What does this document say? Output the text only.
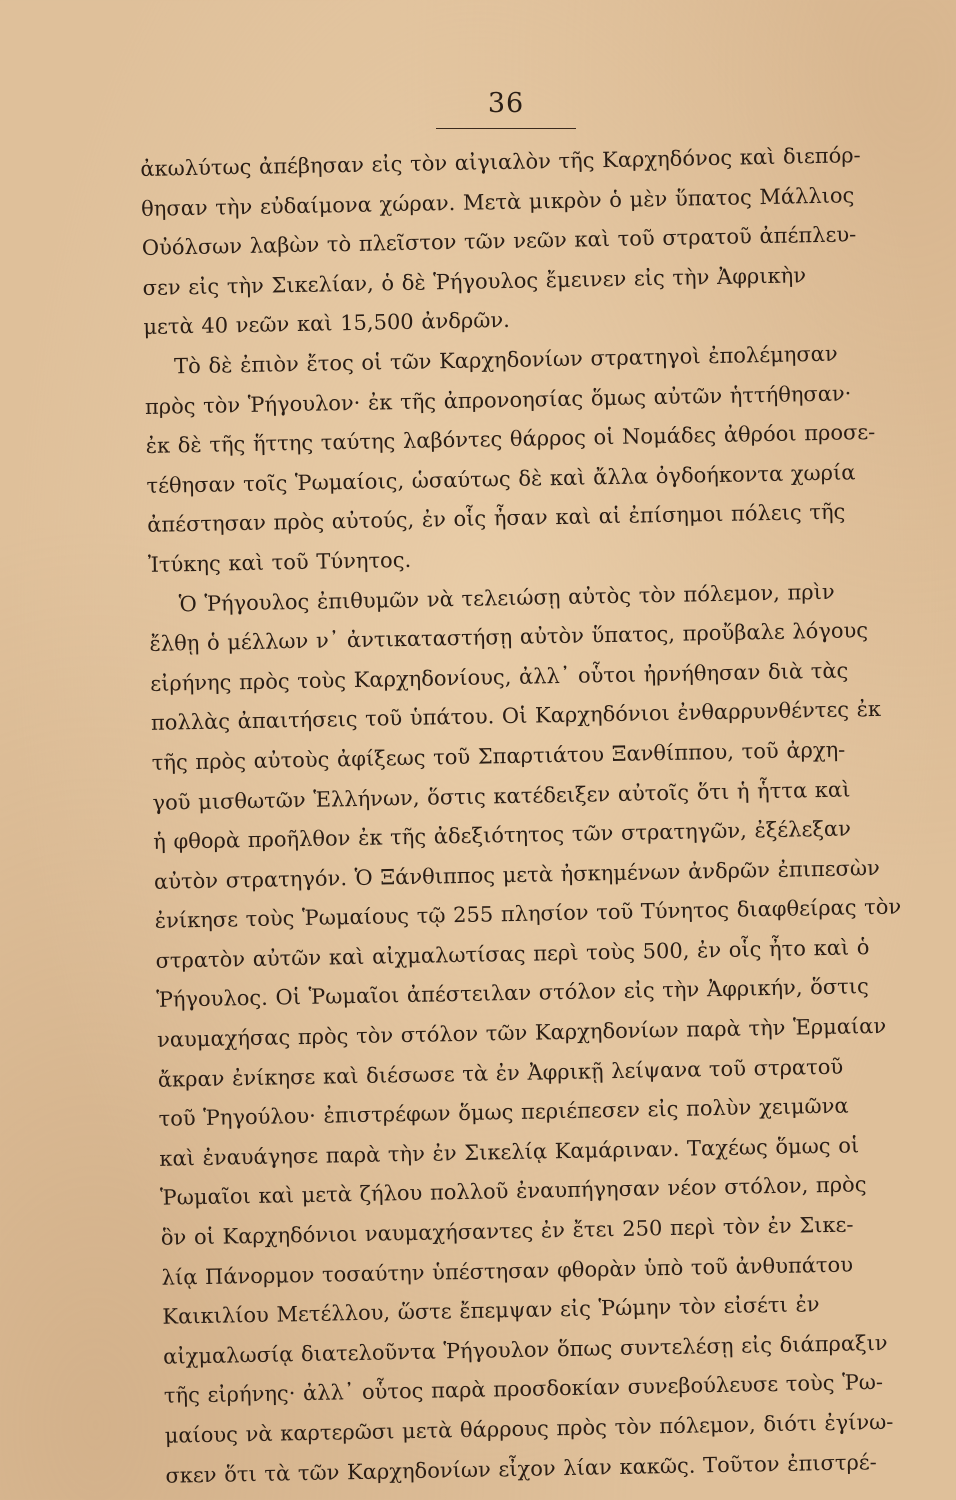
36
ἀκωλύτως ἀπέβησαν εἰς τὸν αἰγιαλὸν τῆς Καρχηδόνος καὶ διεπόρ-
θησαν τὴν εὐδαίμονα χώραν. Μετὰ μικρὸν ὁ μὲν ὕπατος Μάλλιος
Οὐόλσων λαβὼν τὸ πλεῖστον τῶν νεῶν καὶ τοῦ στρατοῦ ἀπέπλευ-
σεν εἰς τὴν Σικελίαν, ὁ δὲ Ῥήγουλος ἔμεινεν εἰς τὴν Ἀφρικὴν
μετὰ 40 νεῶν καὶ 15,500 ἀνδρῶν.
Τὸ δὲ ἐπιὸν ἔτος οἱ τῶν Καρχηδονίων στρατηγοὶ ἐπολέμησαν
πρὸς τὸν Ῥήγουλον· ἐκ τῆς ἀπρονοησίας ὅμως αὐτῶν ἡττήθησαν·
ἐκ δὲ τῆς ἥττης ταύτης λαβόντες θάρρος οἱ Νομάδες ἀθρόοι προσε-
τέθησαν τοῖς Ῥωμαίοις, ὡσαύτως δὲ καὶ ἄλλα ὀγδοήκοντα χωρία
ἀπέστησαν πρὸς αὐτούς, ἐν οἷς ἦσαν καὶ αἱ ἐπίσημοι πόλεις τῆς
Ἰτύκης καὶ τοῦ Τύνητος.
Ὁ Ῥήγουλος ἐπιθυμῶν νὰ τελειώσῃ αὐτὸς τὸν πόλεμον, πρὶν
ἔλθῃ ὁ μέλλων ν᾽ ἀντικαταστήσῃ αὐτὸν ὕπατος, προὔβαλε λόγους
εἰρήνης πρὸς τοὺς Καρχηδονίους, ἀλλ᾽ οὗτοι ἠρνήθησαν διὰ τὰς
πολλὰς ἀπαιτήσεις τοῦ ὑπάτου. Οἱ Καρχηδόνιοι ἐνθαρρυνθέντες ἐκ
τῆς πρὸς αὐτοὺς ἀφίξεως τοῦ Σπαρτιάτου Ξανθίππου, τοῦ ἀρχη-
γοῦ μισθωτῶν Ἑλλήνων, ὅστις κατέδειξεν αὐτοῖς ὅτι ἡ ἧττα καὶ
ἡ φθορὰ προῆλθον ἐκ τῆς ἀδεξιότητος τῶν στρατηγῶν, ἐξέλεξαν
αὐτὸν στρατηγόν. Ὁ Ξάνθιππος μετὰ ἠσκημένων ἀνδρῶν ἐπιπεσὼν
ἐνίκησε τοὺς Ῥωμαίους τῷ 255 πλησίον τοῦ Τύνητος διαφθείρας τὸν
στρατὸν αὐτῶν καὶ αἰχμαλωτίσας περὶ τοὺς 500, ἐν οἷς ἦτο καὶ ὁ
Ῥήγουλος. Οἱ Ῥωμαῖοι ἀπέστειλαν στόλον εἰς τὴν Ἀφρικήν, ὅστις
ναυμαχήσας πρὸς τὸν στόλον τῶν Καρχηδονίων παρὰ τὴν Ἑρμαίαν
ἄκραν ἐνίκησε καὶ διέσωσε τὰ ἐν Ἀφρικῇ λείψανα τοῦ στρατοῦ
τοῦ Ῥηγούλου· ἐπιστρέφων ὅμως περιέπεσεν εἰς πολὺν χειμῶνα
καὶ ἐναυάγησε παρὰ τὴν ἐν Σικελίᾳ Καμάριναν. Ταχέως ὅμως οἱ
Ῥωμαῖοι καὶ μετὰ ζήλου πολλοῦ ἐναυπήγησαν νέον στόλον, πρὸς
ὃν οἱ Καρχηδόνιοι ναυμαχήσαντες ἐν ἔτει 250 περὶ τὸν ἐν Σικε-
λίᾳ Πάνορμον τοσαύτην ὑπέστησαν φθορὰν ὑπὸ τοῦ ἀνθυπάτου
Καικιλίου Μετέλλου, ὥστε ἔπεμψαν εἰς Ῥώμην τὸν εἰσέτι ἐν
αἰχμαλωσίᾳ διατελοῦντα Ῥήγουλον ὅπως συντελέσῃ εἰς διάπραξιν
τῆς εἰρήνης· ἀλλ᾽ οὗτος παρὰ προσδοκίαν συνεβούλευσε τοὺς Ῥω-
μαίους νὰ καρτερῶσι μετὰ θάρρους πρὸς τὸν πόλεμον, διότι ἐγίνω-
σκεν ὅτι τὰ τῶν Καρχηδονίων εἶχον λίαν κακῶς. Τοῦτον ἐπιστρέ-
